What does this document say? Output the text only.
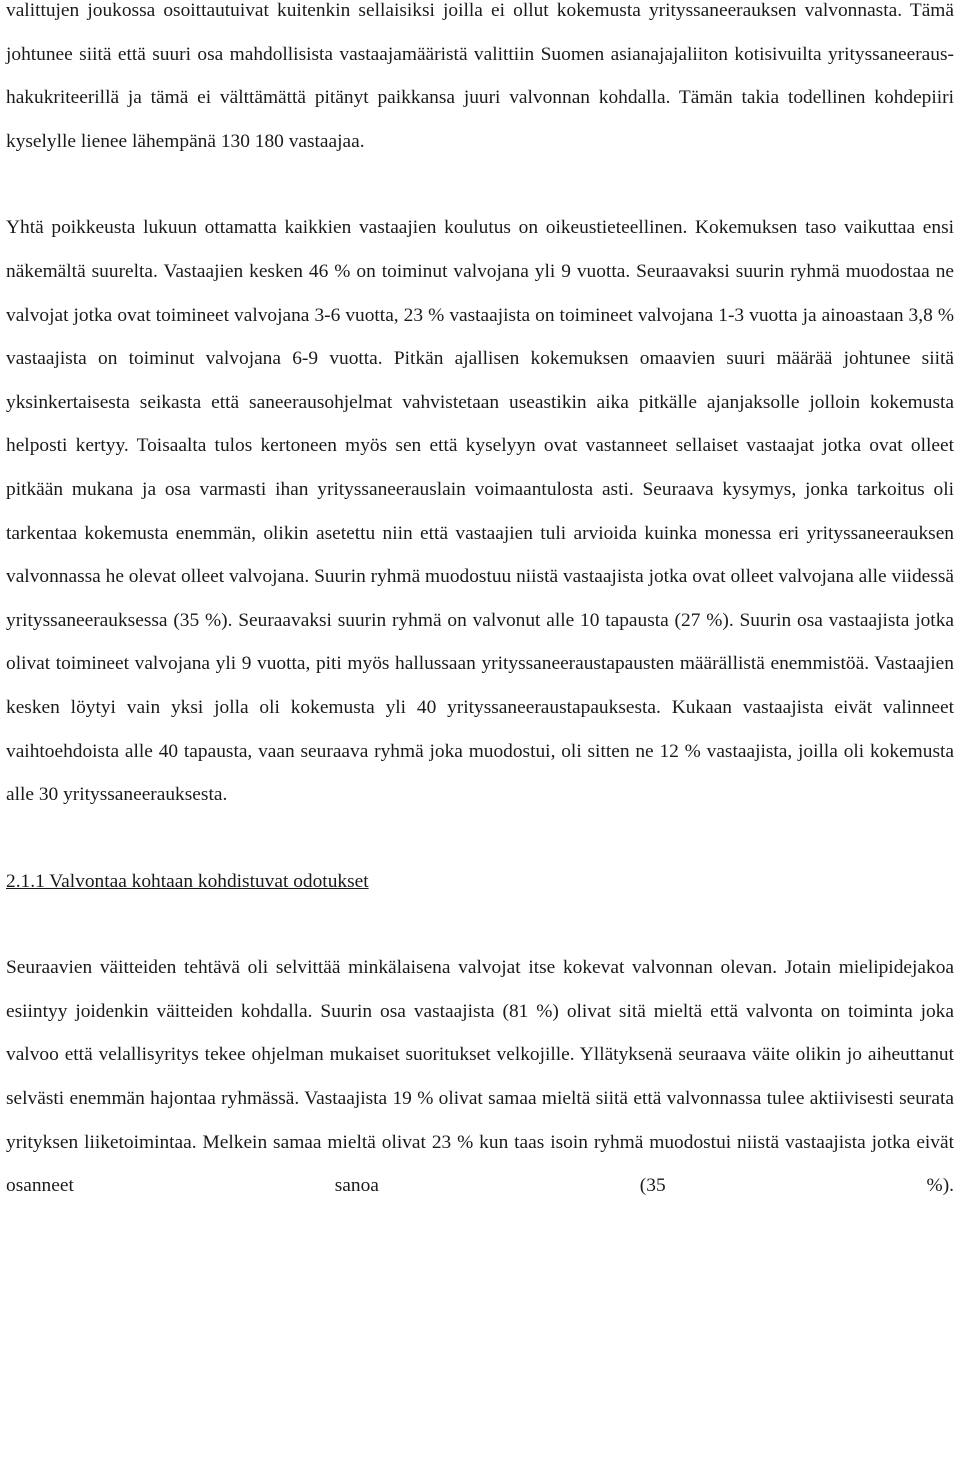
valittujen joukossa osoittautuivat kuitenkin sellaisiksi joilla ei ollut kokemusta yrityssaneerauksen valvonnasta. Tämä johtunee siitä että suuri osa mahdollisista vastaajamääristä valittiin Suomen asianajajaliiton kotisivuilta yrityssaneeraus-hakukriteerillä ja tämä ei välttämättä pitänyt paikkansa juuri valvonnan kohdalla. Tämän takia todellinen kohdepiiri kyselylle lienee lähempänä 130 180 vastaajaa.

Yhtä poikkeusta lukuun ottamatta kaikkien vastaajien koulutus on oikeustieteellinen. Kokemuksen taso vaikuttaa ensi näkemältä suurelta. Vastaajien kesken 46 % on toiminut valvojana yli 9 vuotta. Seuraavaksi suurin ryhmä muodostaa ne valvojat jotka ovat toimineet valvojana 3-6 vuotta, 23 % vastaajista on toimineet valvojana 1-3 vuotta ja ainoastaan 3,8 % vastaajista on toiminut valvojana 6-9 vuotta. Pitkän ajallisen kokemuksen omaavien suuri määrää johtunee siitä yksinkertaisesta seikasta että saneerausohjelmat vahvistetaan useastikin aika pitkälle ajanjaksolle jolloin kokemusta helposti kertyy. Toisaalta tulos kertoneen myös sen että kyselyyn ovat vastanneet sellaiset vastaajat jotka ovat olleet pitkään mukana ja osa varmasti ihan yrityssaneerauslain voimaantulosta asti. Seuraava kysymys, jonka tarkoitus oli tarkentaa kokemusta enemmän, olikin asetettu niin että vastaajien tuli arvioida kuinka monessa eri yrityssaneerauksen valvonnassa he olevat olleet valvojana. Suurin ryhmä muodostuu niistä vastaajista jotka ovat olleet valvojana alle viidessä yrityssaneerauksessa (35 %). Seuraavaksi suurin ryhmä on valvonut alle 10 tapausta (27 %). Suurin osa vastaajista jotka olivat toimineet valvojana yli 9 vuotta, piti myös hallussaan yrityssaneeraustapausten määrällistä enemmistöä. Vastaajien kesken löytyi vain yksi jolla oli kokemusta yli 40 yrityssaneeraustapauksesta. Kukaan vastaajista eivät valinneet vaihtoehdoista alle 40 tapausta, vaan seuraava ryhmä joka muodostui, oli sitten ne 12 % vastaajista, joilla oli kokemusta alle 30 yrityssaneerauksesta.

2.1.1 Valvontaa kohtaan kohdistuvat odotukset

Seuraavien väitteiden tehtävä oli selvittää minkälaisena valvojat itse kokevat valvonnan olevan. Jotain mielipidejakoa esiintyy joidenkin väitteiden kohdalla. Suurin osa vastaajista (81 %) olivat sitä mieltä että valvonta on toiminta joka valvoo että velallisyritys tekee ohjelman mukaiset suoritukset velkojille. Yllätyksenä seuraava väite olikin jo aiheuttanut selvästi enemmän hajontaa ryhmässä. Vastaajista 19 % olivat samaa mieltä siitä että valvonnassa tulee aktiivisesti seurata yrityksen liiketoimintaa. Melkein samaa mieltä olivat 23 % kun taas isoin ryhmä muodostui niistä vastaajista jotka eivät osanneet sanoa (35 %).
